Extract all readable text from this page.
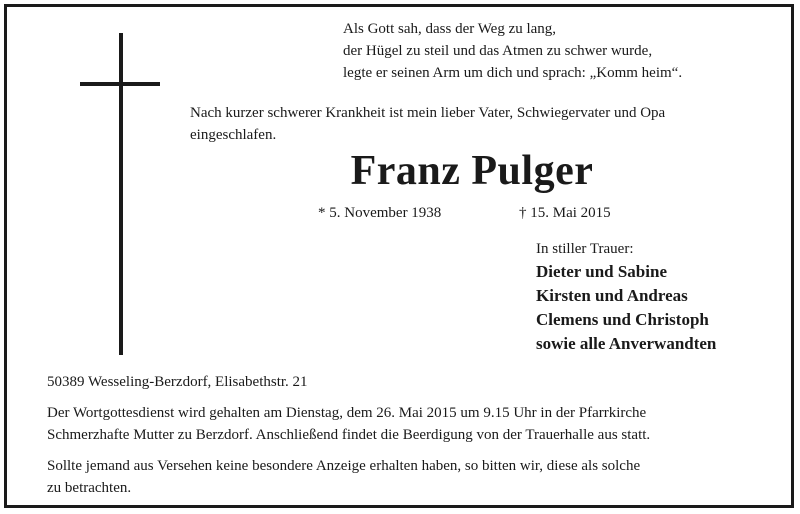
Als Gott sah, dass der Weg zu lang,
der Hügel zu steil und das Atmen zu schwer wurde,
legte er seinen Arm um dich und sprach: „Komm heim“.
Nach kurzer schwerer Krankheit ist mein lieber Vater, Schwiegervater und Opa
eingeschlafen.
Franz Pulger
* 5. November 1938	† 15. Mai 2015
In stiller Trauer:
Dieter und Sabine
Kirsten und Andreas
Clemens und Christoph
sowie alle Anverwandten
50389 Wesseling-Berzdorf, Elisabethstr. 21
Der Wortgottesdienst wird gehalten am Dienstag, dem 26. Mai 2015 um 9.15 Uhr in der Pfarrkirche
Schmerzhafte Mutter zu Berzdorf. Anschließend findet die Beerdigung von der Trauerhalle aus statt.
Sollte jemand aus Versehen keine besondere Anzeige erhalten haben, so bitten wir, diese als solche
zu betrachten.
